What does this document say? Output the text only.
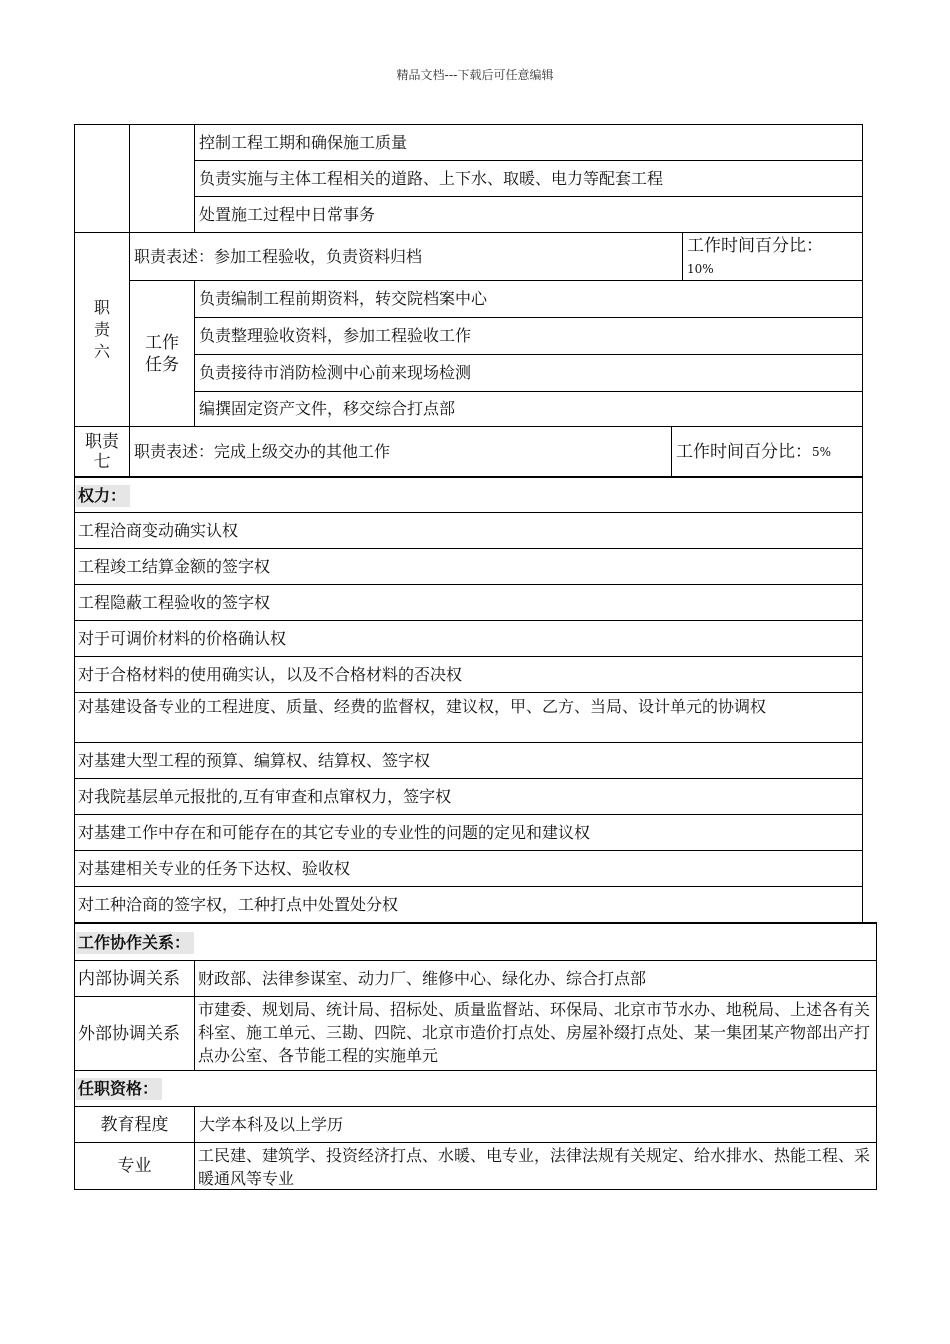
精品文档---下载后可任意编辑
控制工程工期和确保施工质量
负责实施与主体工程相关的道路、上下水、取暖、电力等配套工程
处置施工过程中日常事务
职
责
六
职责表述：参加工程验收，负责资料归档
工作时间百分比：
10%
工作
任务
负责编制工程前期资料，转交院档案中心
负责整理验收资料，参加工程验收工作
负责接待市消防检测中心前来现场检测
编撰固定资产文件，移交综合打点部
职责
七
职责表述：完成上级交办的其他工作	工作时间百分比： 5%
权力：
工程洽商变动确实认权
工程竣工结算金额的签字权
工程隐蔽工程验收的签字权
对于可调价材料的价格确认权
对于合格材料的使用确实认，以及不合格材料的否决权
对基建设备专业的工程进度、质量、经费的监督权，建议权，甲、乙方、当局、设计单元的协调权
对基建大型工程的预算、编算权、结算权、签字权
对我院基层单元报批的,互有审查和点窜权力，签字权
对基建工作中存在和可能存在的其它专业的专业性的问题的定见和建议权
对基建相关专业的任务下达权、验收权
对工种洽商的签字权，工种打点中处置处分权
工作协作关系：
内部协调关系 财政部、法律参谋室、动力厂、维修中心、绿化办、综合打点部
外部协调关系
市建委、规划局、统计局、招标处、质量监督站、环保局、北京市节水办、地税局、上述各有关科室、施工单元、三勘、四院、北京市造价打点处、房屋补缀打点处、某一集团某产物部出产打点办公室、各节能工程的实施单元
任职资格：
教育程度	大学本科及以上学历
专业
工民建、建筑学、投资经济打点、水暖、电专业，法律法规有关规定、给水排水、热能工程、采暖通风等专业
